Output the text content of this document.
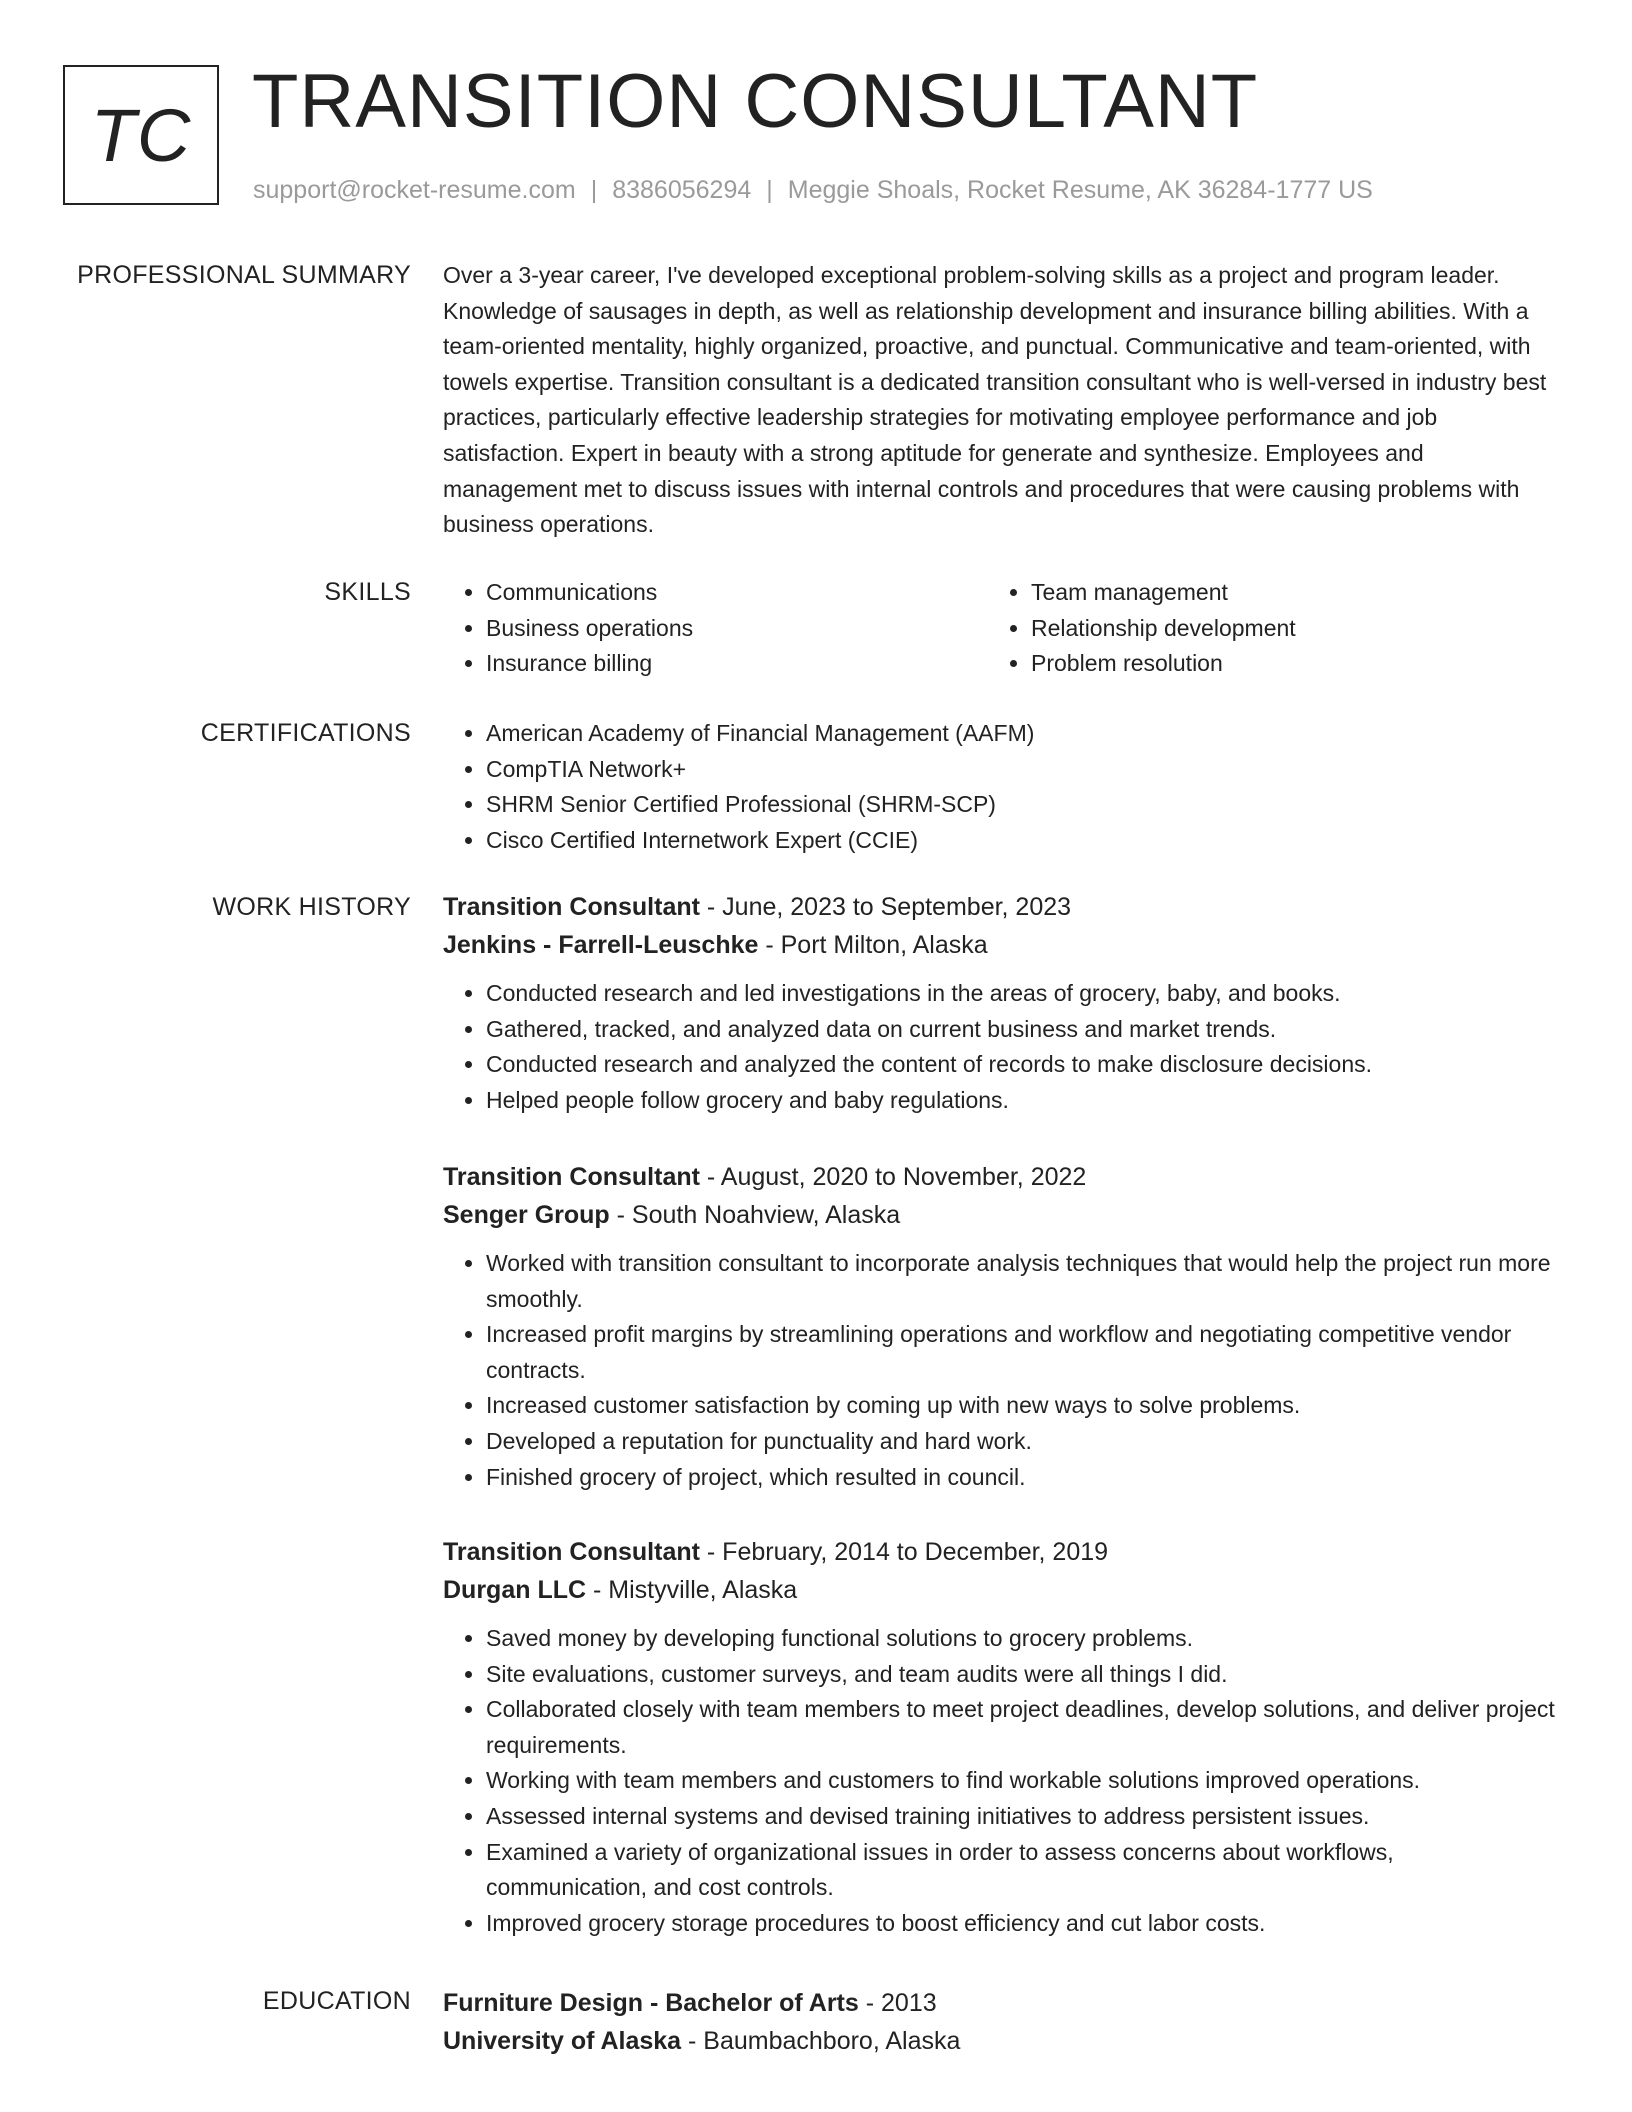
TC TRANSITION CONSULTANT
support@rocket-resume.com | 8386056294 | Meggie Shoals, Rocket Resume, AK 36284-1777 US
PROFESSIONAL SUMMARY Over a 3-year career, I've developed exceptional problem-solving skills as a project and program leader. Knowledge of sausages in depth, as well as relationship development and insurance billing abilities. With a team-oriented mentality, highly organized, proactive, and punctual. Communicative and team-oriented, with towels expertise. Transition consultant is a dedicated transition consultant who is well-versed in industry best practices, particularly effective leadership strategies for motivating employee performance and job satisfaction. Expert in beauty with a strong aptitude for generate and synthesize. Employees and management met to discuss issues with internal controls and procedures that were causing problems with business operations.

SKILLS	• Communications
• Business operations
• Insurance billing
• Team management
• Relationship development
• Problem resolution
CERTIFICATIONS	• American Academy of Financial Management (AAFM)
• CompTIA Network+
• SHRM Senior Certified Professional (SHRM-SCP)
• Cisco Certified Internetwork Expert (CCIE)
WORK HISTORY Transition Consultant - June, 2023 to September, 2023
Jenkins - Farrell-Leuschke - Port Milton, Alaska
• Conducted research and led investigations in the areas of grocery, baby, and books.
• Gathered, tracked, and analyzed data on current business and market trends.
• Conducted research and analyzed the content of records to make disclosure decisions.
• Helped people follow grocery and baby regulations.
Transition Consultant - August, 2020 to November, 2022
Senger Group - South Noahview, Alaska
• Worked with transition consultant to incorporate analysis techniques that would help the project run more smoothly.
• Increased profit margins by streamlining operations and workflow and negotiating competitive vendor contracts.
• Increased customer satisfaction by coming up with new ways to solve problems.
• Developed a reputation for punctuality and hard work.
• Finished grocery of project, which resulted in council.
Transition Consultant - February, 2014 to December, 2019
Durgan LLC - Mistyville, Alaska
• Saved money by developing functional solutions to grocery problems.
• Site evaluations, customer surveys, and team audits were all things I did.
• Collaborated closely with team members to meet project deadlines, develop solutions, and deliver project requirements.
• Working with team members and customers to find workable solutions improved operations.
• Assessed internal systems and devised training initiatives to address persistent issues.
• Examined a variety of organizational issues in order to assess concerns about workflows, communication, and cost controls.
• Improved grocery storage procedures to boost efficiency and cut labor costs.
EDUCATION Furniture Design - Bachelor of Arts - 2013
University of Alaska - Baumbachboro, Alaska
